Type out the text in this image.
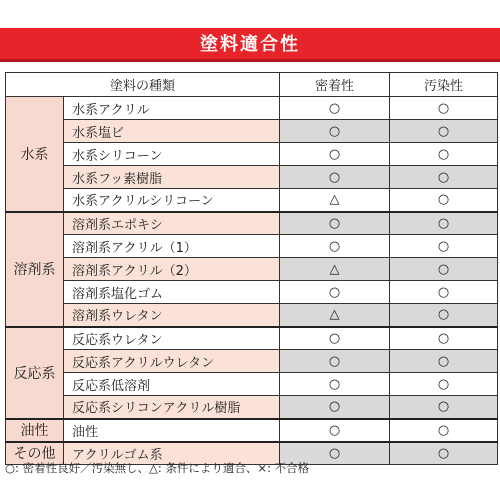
塗料適合性
塗料の種類		密着性	汚染性
水系	水系アクリル	○	○
	水系塩ビ	○	○
	水系シリコーン	○	○
	水系フッ素樹脂	○	○
	水系アクリルシリコーン	△	○
溶剤系	溶剤系エポキシ	○	○
	溶剤系アクリル（1）	○	○
	溶剤系アクリル（2）	△	○
	溶剤系塩化ゴム	○	○
	溶剤系ウレタン	△	○
反応系	反応系ウレタン	○	○
	反応系アクリルウレタン	○	○
	反応系低溶剤	○	○
	反応系シリコンアクリル樹脂	○	○
油性	油性	○	○
その他	アクリルゴム系	○	○
○: 密着性良好／汚染無し、△: 条件により適合、×: 不合格
